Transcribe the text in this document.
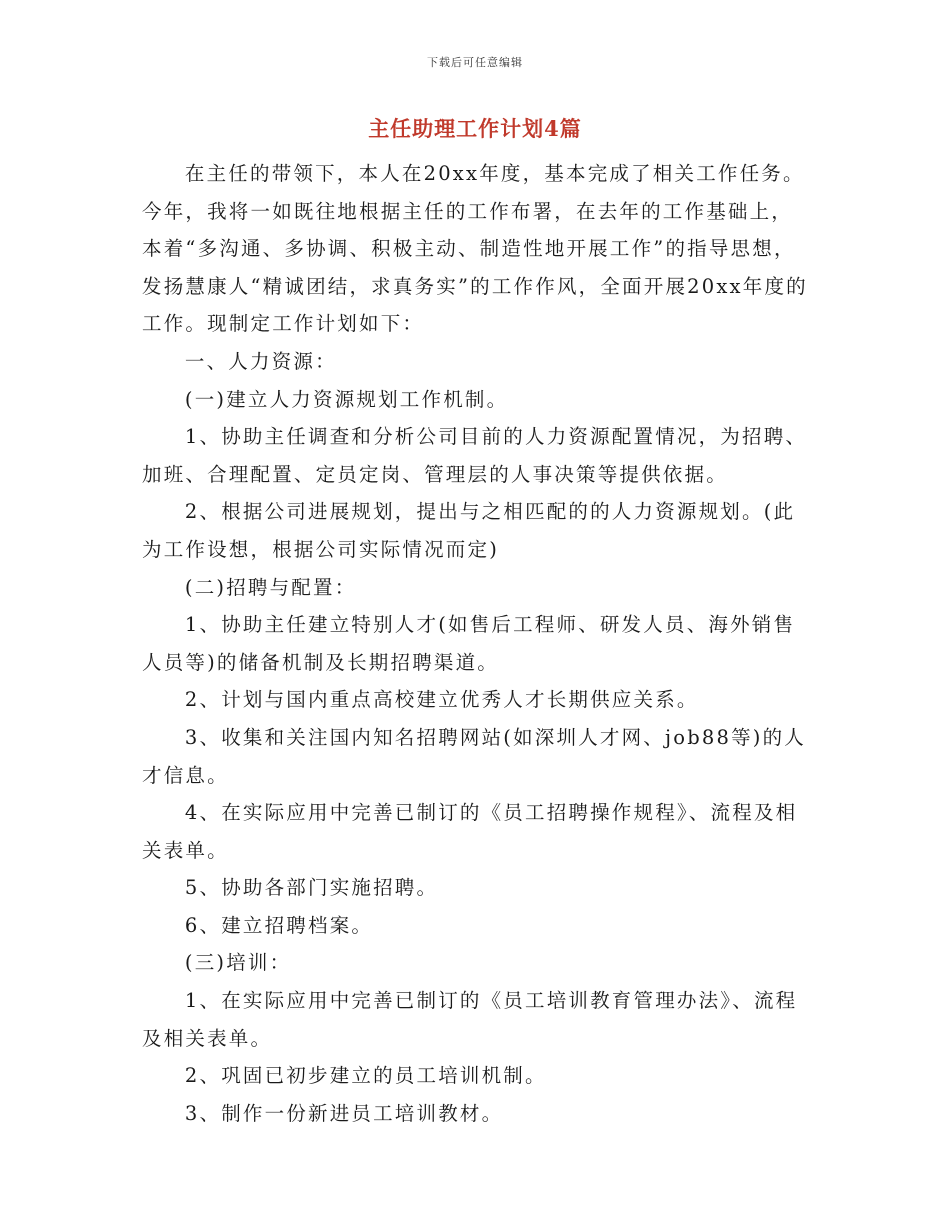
下载后可任意编辑
主任助理工作计划4篇

在主任的带领下，本人在20xx年度，基本完成了相关工作任务。今年，我将一如既往地根据主任的工作布署，在去年的工作基础上，本着“多沟通、多协调、积极主动、制造性地开展工作”的指导思想，发扬慧康人“精诚团结，求真务实”的工作作风，全面开展20xx年度的工作。现制定工作计划如下：

一、人力资源：

(一)建立人力资源规划工作机制。

1、协助主任调查和分析公司目前的人力资源配置情况，为招聘、加班、合理配置、定员定岗、管理层的人事决策等提供依据。

2、根据公司进展规划，提出与之相匹配的的人力资源规划。(此为工作设想，根据公司实际情况而定)

(二)招聘与配置：

1、协助主任建立特别人才(如售后工程师、研发人员、海外销售人员等)的储备机制及长期招聘渠道。

2、计划与国内重点高校建立优秀人才长期供应关系。

3、收集和关注国内知名招聘网站(如深圳人才网、job88等)的人才信息。

4、在实际应用中完善已制订的《员工招聘操作规程》、流程及相关表单。

5、协助各部门实施招聘。

6、建立招聘档案。

(三)培训：

1、在实际应用中完善已制订的《员工培训教育管理办法》、流程及相关表单。

2、巩固已初步建立的员工培训机制。

3、制作一份新进员工培训教材。
